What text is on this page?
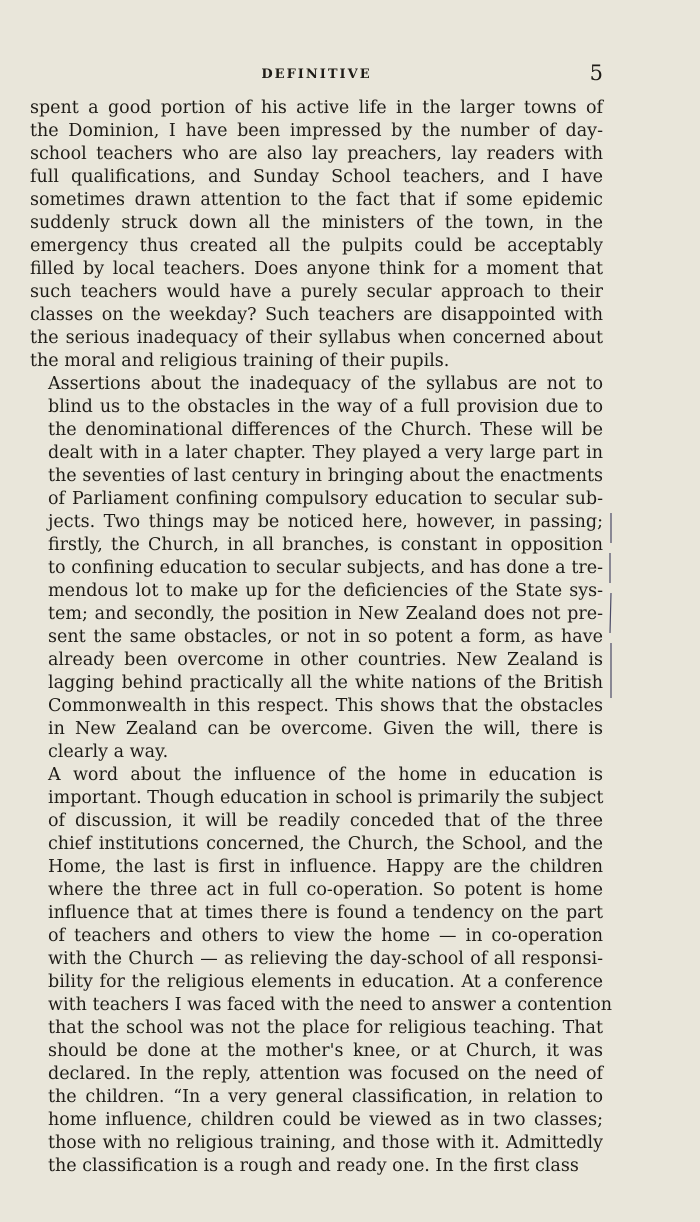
DEFINITIVE	5
spent a good portion of his active life in the larger towns of
the Dominion, I have been impressed by the number of day-
school teachers who are also lay preachers, lay readers with
full qualifications, and Sunday School teachers, and I have
sometimes drawn attention to the fact that if some epidemic
suddenly struck down all the ministers of the town, in the
emergency thus created all the pulpits could be acceptably
filled by local teachers. Does anyone think for a moment that
such teachers would have a purely secular approach to their
classes on the weekday? Such teachers are disappointed with
the serious inadequacy of their syllabus when concerned about
the moral and religious training of their pupils.
Assertions about the inadequacy of the syllabus are not to
blind us to the obstacles in the way of a full provision due to
the denominational differences of the Church. These will be
dealt with in a later chapter. They played a very large part in
the seventies of last century in bringing about the enactments
of Parliament confining compulsory education to secular sub-
jects. Two things may be noticed here, however, in passing;
firstly, the Church, in all branches, is constant in opposition
to confining education to secular subjects, and has done a tre-
mendous lot to make up for the deficiencies of the State sys-
tem; and secondly, the position in New Zealand does not pre-
sent the same obstacles, or not in so potent a form, as have
already been overcome in other countries. New Zealand is
lagging behind practically all the white nations of the British
Commonwealth in this respect. This shows that the obstacles
in New Zealand can be overcome. Given the will, there is
clearly a way.
A word about the influence of the home in education is
important. Though education in school is primarily the subject
of discussion, it will be readily conceded that of the three
chief institutions concerned, the Church, the School, and the
Home, the last is first in influence. Happy are the children
where the three act in full co-operation. So potent is home
influence that at times there is found a tendency on the part
of teachers and others to view the home — in co-operation
with the Church — as relieving the day-school of all responsi-
bility for the religious elements in education. At a conference
with teachers I was faced with the need to answer a contention
that the school was not the place for religious teaching. That
should be done at the mother's knee, or at Church, it was
declared. In the reply, attention was focused on the need of
the children. “In a very general classification, in relation to
home influence, children could be viewed as in two classes;
those with no religious training, and those with it. Admittedly
the classification is a rough and ready one. In the first class
